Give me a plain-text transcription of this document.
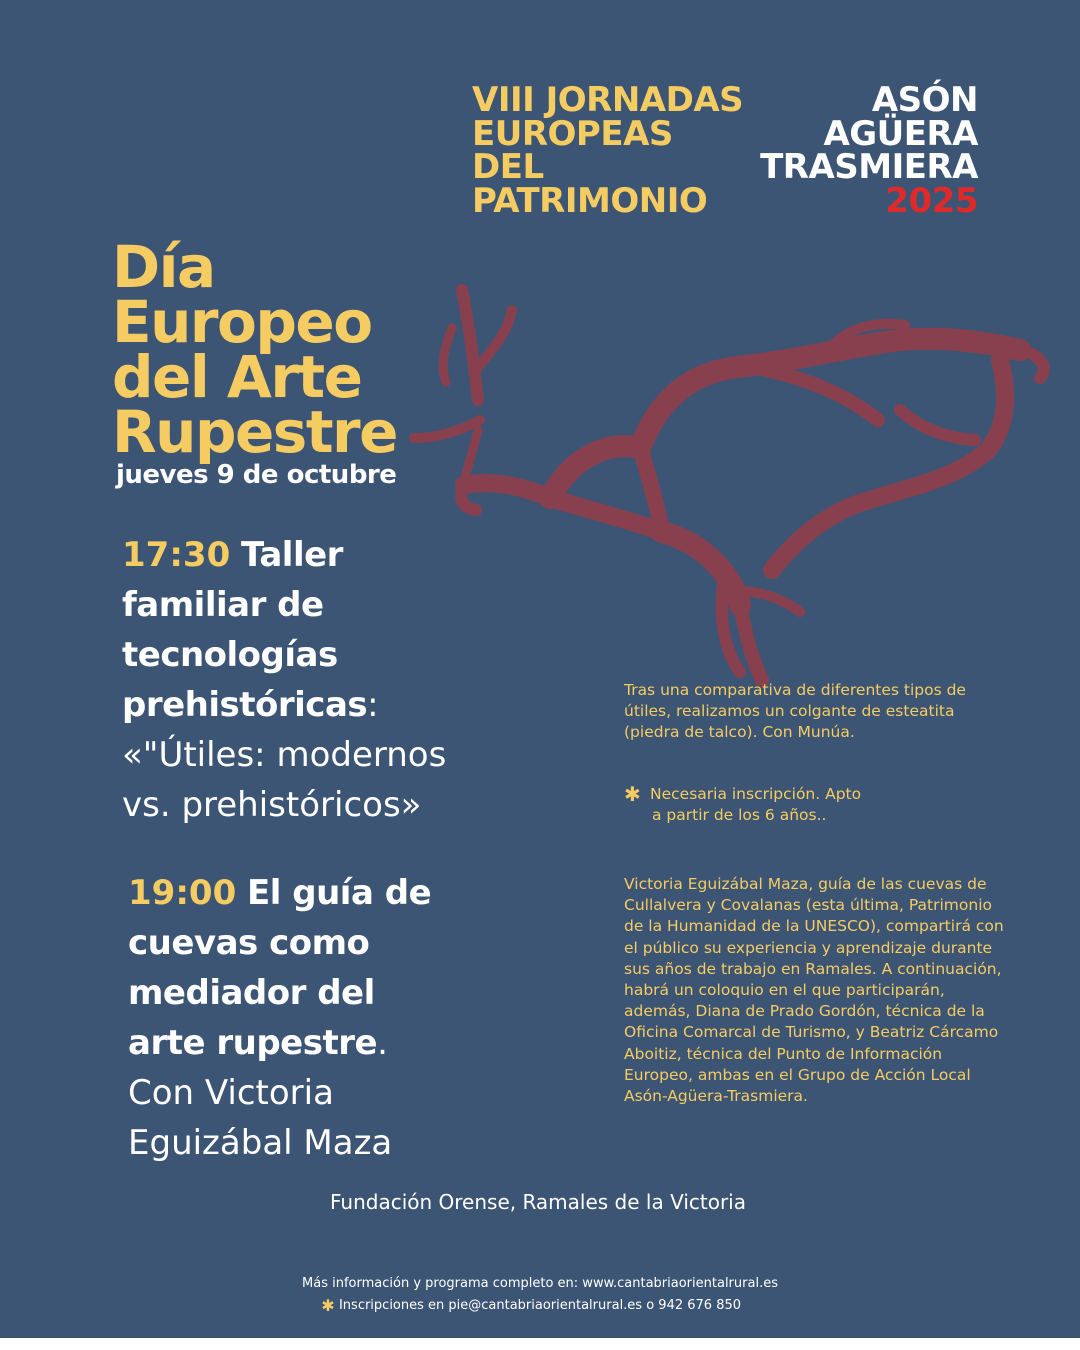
VIII JORNADAS
EUROPEAS
DEL
PATRIMONIO
ASÓN
AGÜERA
TRASMIERA
2025
Día
Europeo
del Arte
Rupestre
jueves 9 de octubre
17:30 Taller
familiar de
tecnologías
prehistóricas:
«"Útiles: modernos
vs. prehistóricos»

Tras una comparativa de diferentes tipos de útiles, realizamos un colgante de esteatita (piedra de talco). Con Munúa.

✱ Necesaria inscripción. Apto
a partir de los 6 años..
19:00 El guía de
cuevas como
mediador del
arte rupestre.
Con Victoria
Eguizábal Maza

Victoria Eguizábal Maza, guía de las cuevas de Cullalvera y Covalanas (esta última, Patrimonio de la Humanidad de la UNESCO), compartirá con el público su experiencia y aprendizaje durante sus años de trabajo en Ramales. A continuación, habrá un coloquio en el que participarán, además, Diana de Prado Gordón, técnica de la Oficina Comarcal de Turismo, y Beatriz Cárcamo Aboitiz, técnica del Punto de Información Europeo, ambas en el Grupo de Acción Local Asón-Agüera-Trasmiera.

Fundación Orense, Ramales de la Victoria
Más información y programa completo en: www.cantabriaorientalrural.es
✱ Inscripciones en pie@cantabriaorientalrural.es o 942 676 850
